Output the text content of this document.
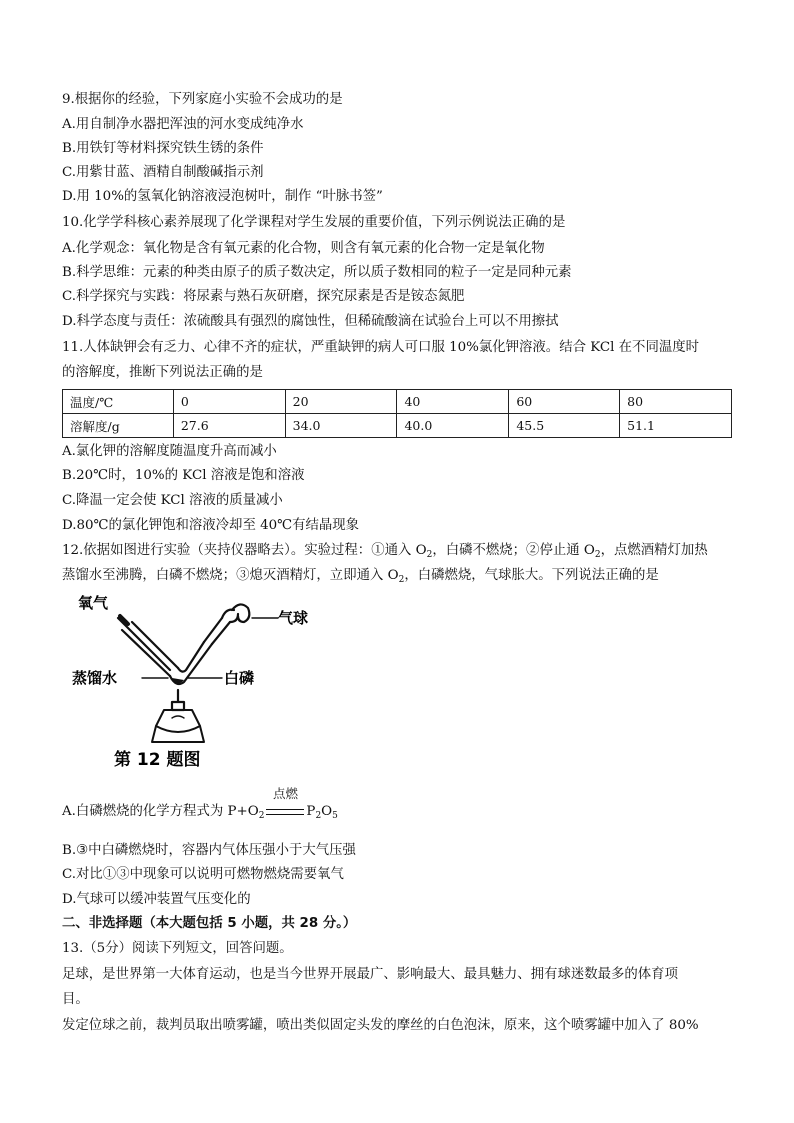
9.根据你的经验，下列家庭小实验不会成功的是
A.用自制净水器把浑浊的河水变成纯净水
B.用铁钉等材料探究铁生锈的条件
C.用紫甘蓝、酒精自制酸碱指示剂
D.用 10%的氢氧化钠溶液浸泡树叶，制作 “叶脉书签”
10.化学学科核心素养展现了化学课程对学生发展的重要价值，下列示例说法正确的是
A.化学观念：氧化物是含有氧元素的化合物，则含有氧元素的化合物一定是氧化物
B.科学思维：元素的种类由原子的质子数决定，所以质子数相同的粒子一定是同种元素
C.科学探究与实践：将尿素与熟石灰研磨，探究尿素是否是铵态氮肥
D.科学态度与责任：浓硫酸具有强烈的腐蚀性，但稀硫酸滴在试验台上可以不用擦拭
11.人体缺钾会有乏力、心律不齐的症状，严重缺钾的病人可口服 10%氯化钾溶液。结合 KCl 在不同温度时
的溶解度，推断下列说法正确的是
温度/℃	0	20	40	60	80
溶解度/g	27.6	34.0	40.0	45.5	51.1
A.氯化钾的溶解度随温度升高而减小
B.20℃时，10%的 KCl 溶液是饱和溶液
C.降温一定会使 KCl 溶液的质量减小
D.80℃的氯化钾饱和溶液冷却至 40℃有结晶现象
12.依据如图进行实验（夹持仪器略去）。实验过程：①通入 $O_2$，白磷不燃烧；②停止通 $O_2$，点燃酒精灯加热
蒸馏水至沸腾，白磷不燃烧；③熄灭酒精灯，立即通入 $O_2$，白磷燃烧，气球胀大。下列说法正确的是
氧气
气球
蒸馏水	白磷
第 12 题图
A.白磷燃烧的化学方程式为 $P+O_2$	$P_2O_5$
点燃
B.③中白磷燃烧时，容器内气体压强小于大气压强
C.对比①③中现象可以说明可燃物燃烧需要氧气
D.气球可以缓冲装置气压变化的
二、非选择题（本大题包括 5 小题，共 28 分。）
13.（5分）阅读下列短文，回答问题。
足球，是世界第一大体育运动，也是当今世界开展最广、影响最大、最具魅力、拥有球迷数最多的体育项
目。
发定位球之前，裁判员取出喷雾罐，喷出类似固定头发的摩丝的白色泡沫，原来，这个喷雾罐中加入了 80%
